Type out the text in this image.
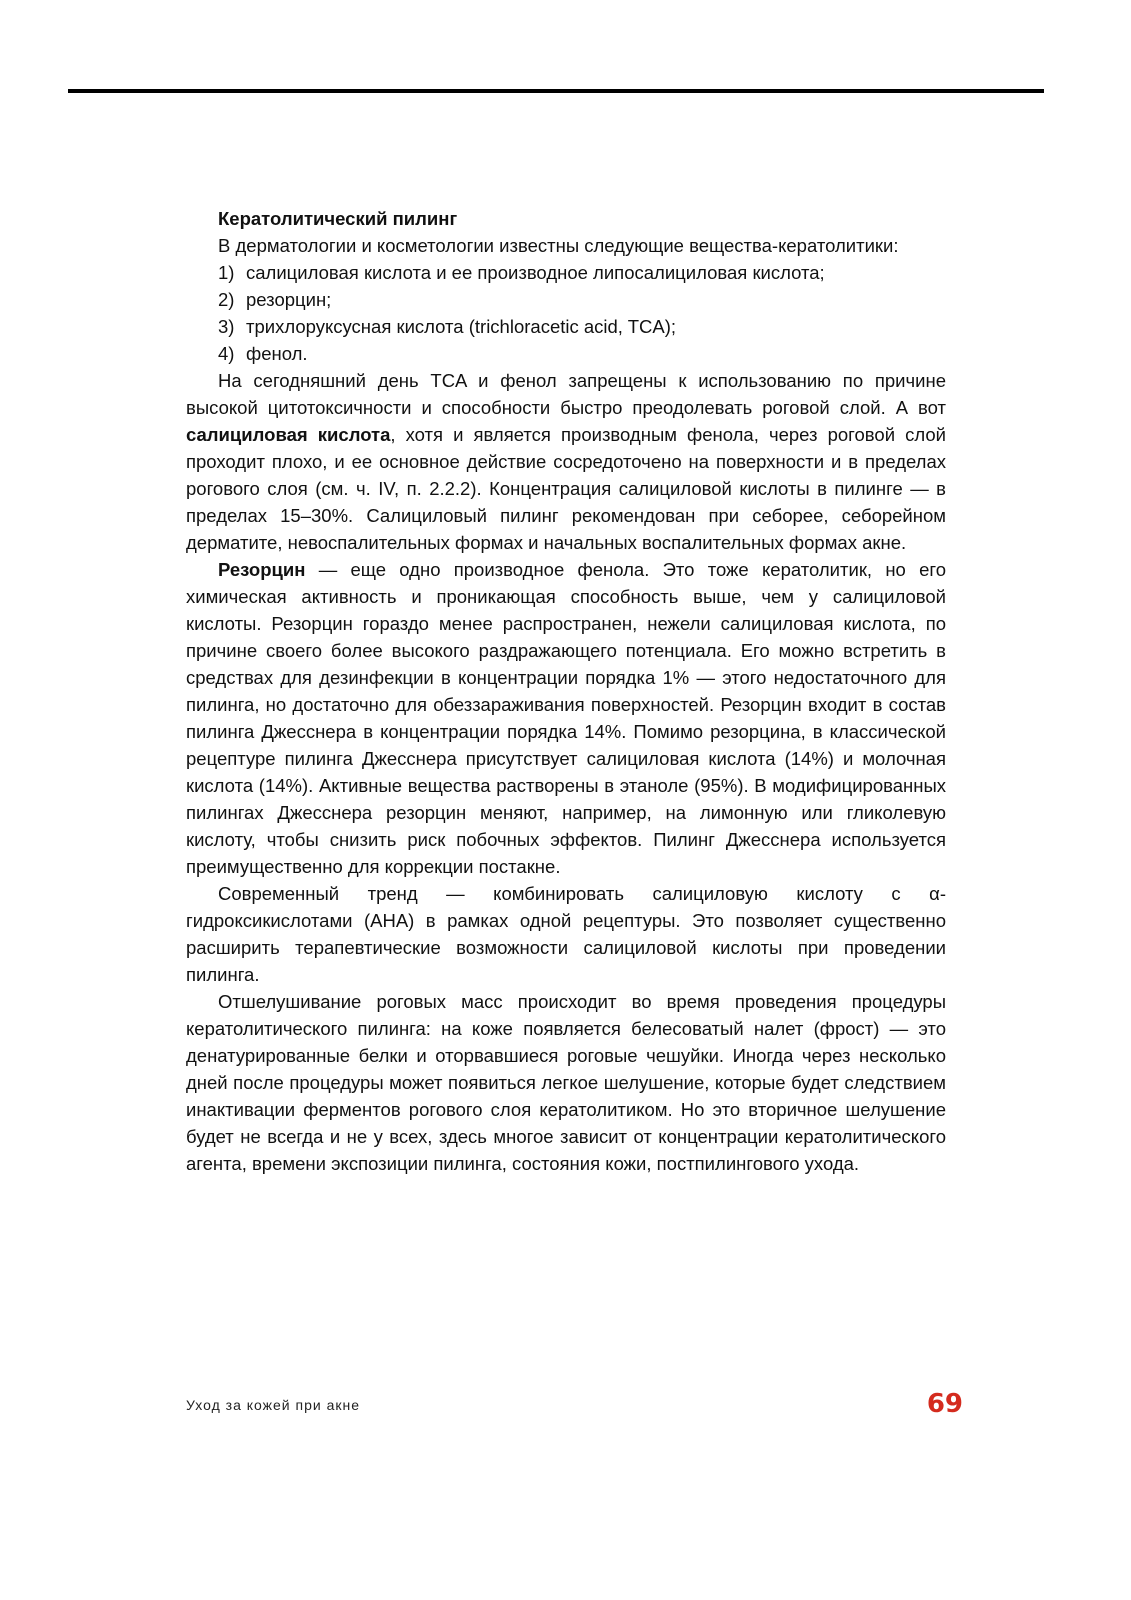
Кератолитический пилинг

В дерматологии и косметологии известны следующие вещества-кератолитики:

1) салициловая кислота и ее производное липосалициловая кислота;
2) резорцин;
3) трихлоруксусная кислота (trichloracetic acid, TCA);
4) фенол.

На сегодняшний день TCA и фенол запрещены к использованию по причине высокой цитотоксичности и способности быстро преодолевать роговой слой. А вот салициловая кислота, хотя и является производным фенола, через роговой слой проходит плохо, и ее основное действие сосредоточено на поверхности и в пределах рогового слоя (см. ч. IV, п. 2.2.2). Концентрация салициловой кислоты в пилинге — в пределах 15–30%. Салициловый пилинг рекомендован при себорее, себорейном дерматите, невоспалительных формах и начальных воспалительных формах акне.

Резорцин — еще одно производное фенола. Это тоже кератолитик, но его химическая активность и проникающая способность выше, чем у салициловой кислоты. Резорцин гораздо менее распространен, нежели салициловая кислота, по причине своего более высокого раздражающего потенциала. Его можно встретить в средствах для дезинфекции в концентрации порядка 1% — этого недостаточного для пилинга, но достаточно для обеззараживания поверхностей. Резорцин входит в состав пилинга Джесснера в концентрации порядка 14%. Помимо резорцина, в классической рецептуре пилинга Джесснера присутствует салициловая кислота (14%) и молочная кислота (14%). Активные вещества растворены в этаноле (95%). В модифицированных пилингах Джесснера резорцин меняют, например, на лимонную или гликолевую кислоту, чтобы снизить риск побочных эффектов. Пилинг Джесснера используется преимущественно для коррекции постакне.

Современный тренд — комбинировать салициловую кислоту с α-гидроксикислотами (AHA) в рамках одной рецептуры. Это позволяет существенно расширить терапевтические возможности салициловой кислоты при проведении пилинга.

Отшелушивание роговых масс происходит во время проведения процедуры кератолитического пилинга: на коже появляется белесоватый налет (фрост) — это денатурированные белки и оторвавшиеся роговые чешуйки. Иногда через несколько дней после процедуры может появиться легкое шелушение, которые будет следствием инактивации ферментов рогового слоя кератолитиком. Но это вторичное шелушение будет не всегда и не у всех, здесь многое зависит от концентрации кератолитического агента, времени экспозиции пилинга, состояния кожи, постпилингового ухода.

Уход за кожей при акне	69
